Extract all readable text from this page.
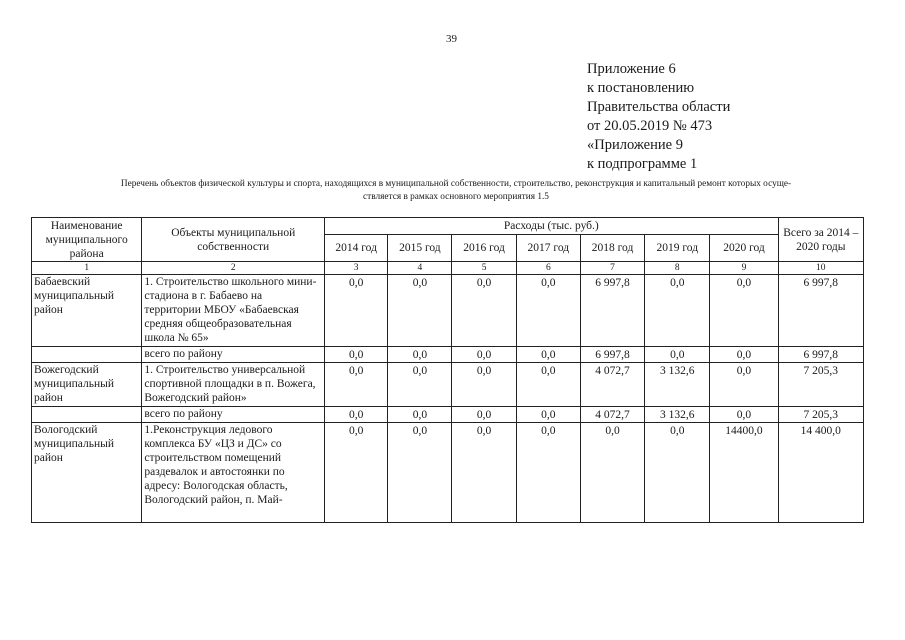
39
Приложение 6
к постановлению
Правительства области
от 20.05.2019 № 473
«Приложение 9
к подпрограмме 1
Перечень объектов физической культуры и спорта, находящихся в муниципальной собственности, строительство, реконструкция и капитальный ремонт которых осуще-
ствляется в рамках основного мероприятия 1.5
Наименование муниципального района	Объекты муниципальной собственности	Расходы (тыс. руб.)							Всего за 2014 – 2020 годы
		2014 год	2015 год	2016 год	2017 год	2018 год	2019 год	2020 год	
1	2	3	4	5	6	7	8	9	10
Бабаевский муниципальный район	1. Строительство школьного мини-стадиона в г. Бабаево на территории МБОУ «Бабаевская средняя общеобразовательная школа № 65»	0,0	0,0	0,0	0,0	6 997,8	0,0	0,0	6 997,8
	всего по району	0,0	0,0	0,0	0,0	6 997,8	0,0	0,0	6 997,8
Вожегодский муниципальный район	1. Строительство универсальной спортивной площадки в п. Вожега, Вожегодский район»	0,0	0,0	0,0	0,0	4 072,7	3 132,6	0,0	7 205,3
	всего по району	0,0	0,0	0,0	0,0	4 072,7	3 132,6	0,0	7 205,3
Вологодский муниципальный район	1.Реконструкция ледового комплекса БУ «ЦЗ и ДС» со строительством помещений раздевалок и автостоянки по адресу: Вологодская область, Вологодский район, п. Май-	0,0	0,0	0,0	0,0	0,0	0,0	14400,0	14 400,0
